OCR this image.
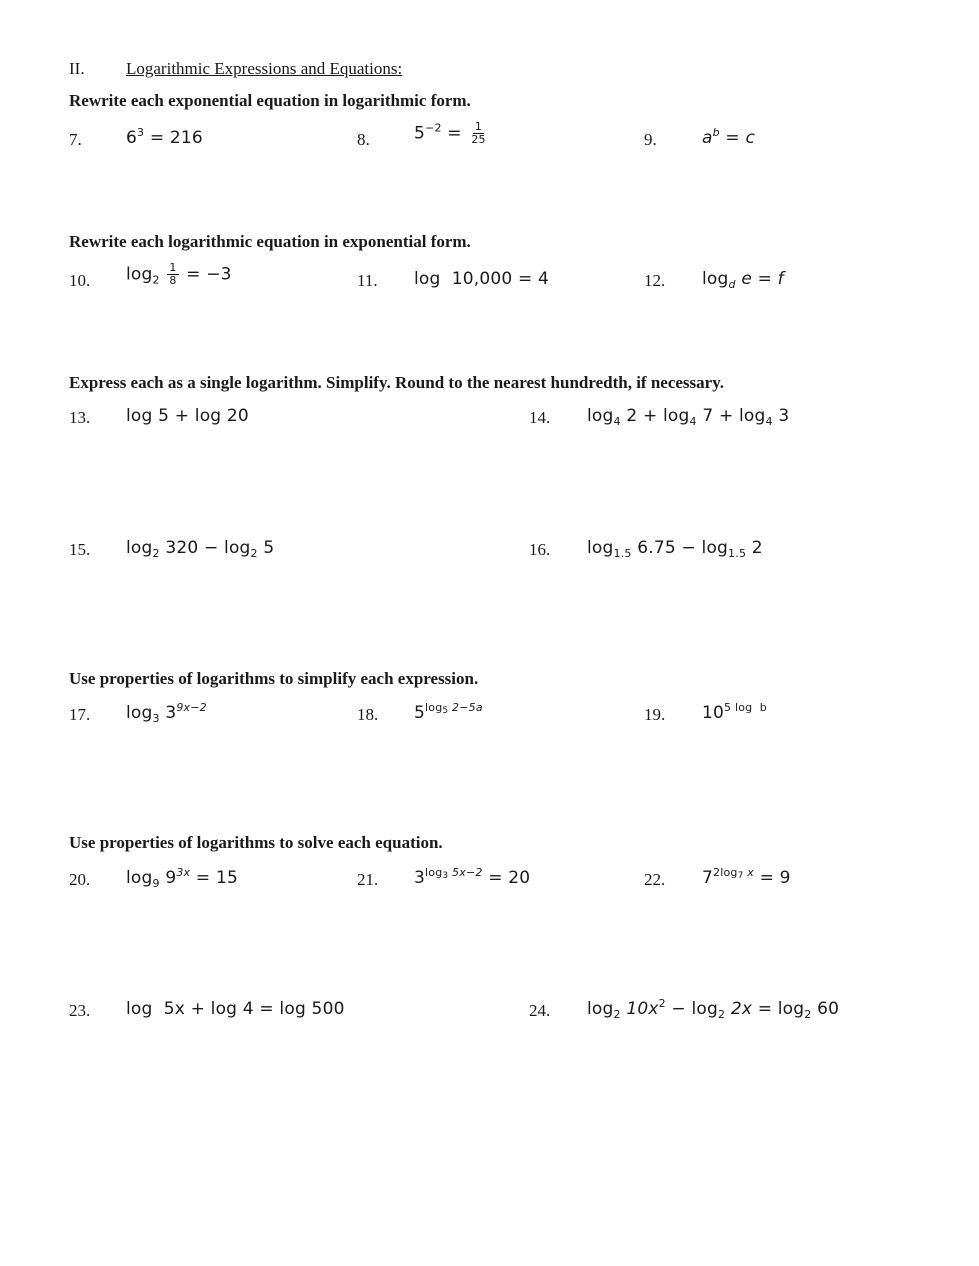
II. Logarithmic Expressions and Equations:
Rewrite each exponential equation in logarithmic form.
7.	$6^3 = 216$	8.	$5^{-2} = \frac{1}{25}$	9.	$a^b = c$
Rewrite each logarithmic equation in exponential form.
10. $\log_2 \frac{1}{8} = -3$	11. log  10,000 = 4	12. $\log_d e = f$
Express each as a single logarithm. Simplify. Round to the nearest hundredth, if necessary.
13. log 5 + log 20	14. $\log_4 2 + \log_4 7 + \log_4 3$
15. $\log_2 320 - \log_2 5$	16. $\log_{1.5} 6.75 - \log_{1.5} 2$
Use properties of logarithms to simplify each expression.
17. $\log_3 3^{9x-2}$	18. $5^{log_5 2-5a}$	19. $10^{5 log b}$
Use properties of logarithms to solve each equation.
20. $\log_9 9^{3x} = 15$	21. $3^{log_3 5x-2} = 20$	22. $7^{2log_7 x} = 9$
23. log  5x + log 4 = log 500	24. $\log_2 10x^2 - \log_2 2x = \log_2 60$
